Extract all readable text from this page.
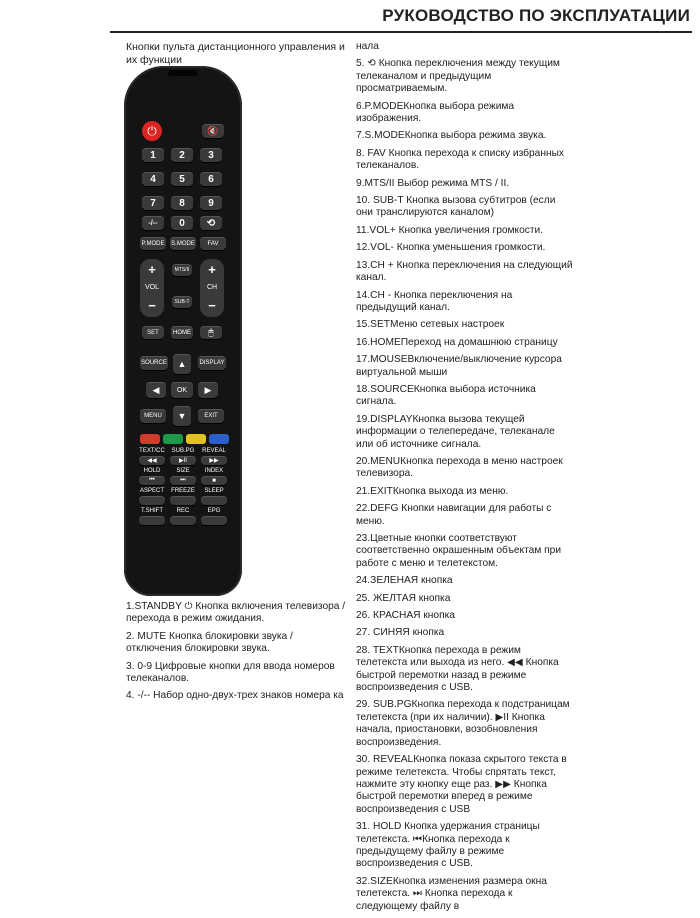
РУКОВОДСТВО ПО ЭКСПЛУАТАЦИИ
Кнопки пульта дистанционного управления и их функции
⏻	🔇
1	2	3
4	5	6
7	8	9
-/--	0	⟲
P.MODE S.MODE	FAV
+
VOL
−
MTS/II
SUB-T
+
CH
−
SET	HOME	🖱
SOURCE	DISPLAY
▲
◀	OK	▶
▼
MENU	EXIT
TEXT/CC	SUB.PG	REVEAL
◀◀	▶II	▶▶
HOLD	SIZE	INDEX
⏮	⏭	■
ASPECT	FREEZE	SLEEP
T.SHIFT	REC	EPG
1.STANDBY ⏻ Кнопка включения телевизора / перехода в режим ожидания.
2. MUTE Кнопка блокировки звука / отключения блокировки звука.
3. 0-9 Цифровые кнопки для ввода номеров телеканалов.
4. -/-- Набор одно-двух-трех знаков номера ка
нала
5. ⟲ Кнопка переключения между текущим телеканалом и предыдущим просматриваемым.
6.P.MODEКнопка выбора режима изображения.
7.S.MODEКнопка выбора режима звука.
8. FAV Кнопка перехода к списку избранных телеканалов.
9.MTS/II Выбор режима MTS / II.
10. SUB-T Кнопка вызова субтитров (если они транслируются каналом)
11.VOL+ Кнопка увеличения громкости.
12.VOL- Кнопка уменьшения громкости.
13.CH + Кнопка переключения на следующий канал.
14.CH - Кнопка переключения на предыдущий канал.
15.SETМеню сетевых настроек
16.HOMEПереход на домашнюю страницу
17.MOUSEВключение/выключение курсора виртуальной мыши
18.SOURCEКнопка выбора источника сигнала.
19.DISPLAYКнопка вызова текущей информации о телепередаче, телеканале или об источнике сигнала.
20.MENUКнопка перехода в меню настроек телевизора.
21.EXITКнопка выхода из меню.
22.DEFG Кнопки навигации для работы с меню.
23.Цветные кнопки соответствуют соответственно окрашенным объектам при работе с меню и телетекстом.
24.ЗЕЛЕНАЯ кнопка
25. ЖЕЛТАЯ кнопка
26. КРАСНАЯ кнопка
27. СИНЯЯ кнопка
28. TEXTКнопка перехода в режим телетекста или выхода из него. ◀◀ Кнопка быстрой перемотки назад в режиме воспроизведения с USB.
29. SUB.PGКнопка перехода к подстраницам телетекста (при их наличии). ▶II Кнопка начала, приостановки, возобновления воспроизведения.
30. REVEALКнопка показа скрытого текста в режиме телетекста. Чтобы спрятать текст, нажмите эту кнопку еще раз. ▶▶ Кнопка быстрой перемотки вперед в режиме воспроизведения с USB
31. HOLD Кнопка удержания страницы телетекста. ⏮Кнопка перехода к предыдущему файлу в режиме воспроизведения с USB.
32.SIZEКнопка изменения размера окна телетекста. ⏭ Кнопка перехода к следующему файлу в
